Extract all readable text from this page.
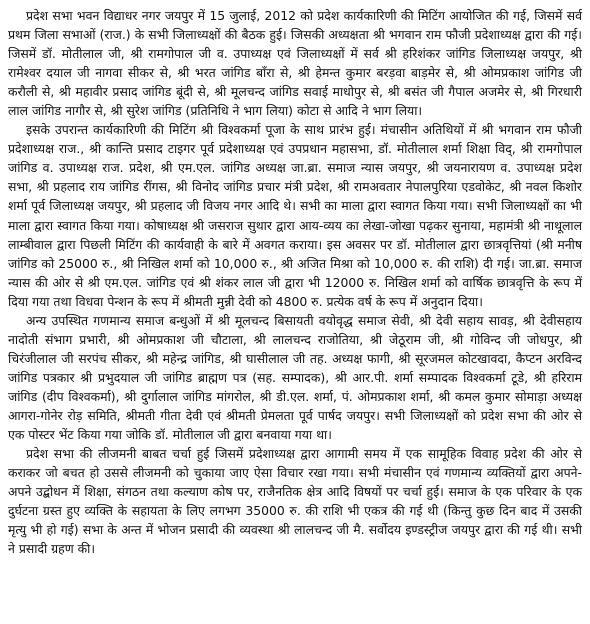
प्रदेश सभा भवन विद्याधर नगर जयपुर में 15 जुलाई, 2012 को प्रदेश कार्यकारिणी की मिटिंग आयोजित की गई, जिसमें सर्व प्रथम जिला सभाओं (राज.) के सभी जिलाध्यक्षों की बैठक हुई। जिसकी अध्यक्षता श्री भगवान राम फौजी प्रदेशाध्यक्ष द्वारा की गई। जिसमें डॉ. मोतीलाल जी, श्री रामगोपाल जी व. उपाध्यक्ष एवं जिलाध्यक्षों में सर्व श्री हरिशंकर जांगिड जिलाध्यक्ष जयपुर, श्री रामेश्वर दयाल जी नागवा सीकर से, श्री भरत जांगिड बाँरा से, श्री हेमन्त कुमार बरड़वा बाड़मेर से, श्री ओमप्रकाश जांगिड जी करौली से, श्री महावीर प्रसाद जांगिड बूंदी से, श्री मूलचन्द जांगिड सवाई माधोपुर से, श्री बसंत जी गैपाल अजमेर से, श्री गिरधारी लाल जांगिड नागौर से, श्री सुरेश जांगिड (प्रतिनिधि ने भाग लिया) कोटा से आदि ने भाग लिया।

इसके उपरान्त कार्यकारिणी की मिटिंग श्री विश्वकर्मा पूजा के साथ प्रारंभ हुई। मंचासीन अतिथियों में श्री भगवान राम फौजी प्रदेशाध्यक्ष राज., श्री कान्ति प्रसाद टाइगर पूर्व प्रदेशाध्यक्ष एवं उपप्रधान महासभा, डॉ. मोतीलाल शर्मा शिक्षा विद्, श्री रामगोपाल जांगिड व. उपाध्यक्ष राज. प्रदेश, श्री एम.एल. जांगिड अध्यक्ष जा.ब्रा. समाज न्यास जयपुर, श्री जयनारायण व. उपाध्यक्ष प्रदेश सभा, श्री प्रहलाद राय जांगिड रींगस, श्री विनोद जांगिड प्रचार मंत्री प्रदेश, श्री रामअवतार नेपालपुरिया एडवोकेट, श्री नवल किशोर शर्मा पूर्व जिलाध्यक्ष जयपुर, श्री प्रहलाद जी विजय नगर आदि थे। सभी का माला द्वारा स्वागत किया गया। सभी जिलाध्यक्षों का भी माला द्वारा स्वागत किया गया। कोषाध्यक्ष श्री जसराज सुथार द्वारा आय-व्यय का लेखा-जोखा पढ़कर सुनाया, महामंत्री श्री नाथूलाल लाम्बीवाल द्वारा पिछली मिटिंग की कार्यवाही के बारे में अवगत कराया। इस अवसर पर डॉ. मोतीलाल द्वारा छात्रवृत्तियां (श्री मनीष जांगिड को 25000 रु., श्री निखिल शर्मा को 10,000 रु., श्री अजित मिश्रा को 10,000 रु. की राशि) दी गई। जा.ब्रा. समाज न्यास की ओर से श्री एम.एल. जांगिड एवं श्री शंकर लाल जी द्वारा भी 12000 रु. निखिल शर्मा को वार्षिक छात्रवृत्ति के रूप में दिया गया तथा विधवा पेन्शन के रूप में श्रीमती मुन्नी देवी को 4800 रु. प्रत्येक वर्ष के रूप में अनुदान दिया।

अन्य उपस्थित गणमान्य समाज बन्धुओं में श्री मूलचन्द बिसायती वयोवृद्ध समाज सेवी, श्री देवी सहाय सावड़, श्री देवीसहाय नादोती संभाग प्रभारी, श्री ओमप्रकाश जी चौटाला, श्री लालचन्द राजोतिया, श्री जेठूराम जी, श्री गोविन्द जी जोधपुर, श्री चिरंजीलाल जी सरपंच सीकर, श्री महेन्द्र जांगिड, श्री घासीलाल जी तह. अध्यक्ष फागी, श्री सूरजमल कोटखावदा, कैप्टन अरविन्द जांगिड पत्रकार श्री प्रभुदयाल जी जांगिड ब्राह्मण पत्र (सह. सम्पादक), श्री आर.पी. शर्मा सम्पादक विश्वकर्मा टूडे, श्री हरिराम जांगिड (दीप विश्वकर्मा), श्री दुर्गालाल जांगिड मांगरोल, श्री डी.एल. शर्मा, पं. ओमप्रकाश शर्मा, श्री कमल कुमार सोमाड़ा अध्यक्ष आगरा-गोनेर रोड़ समिति, श्रीमती गीता देवी एवं श्रीमती प्रेमलता पूर्व पार्षद जयपुर। सभी जिलाध्यक्षों को प्रदेश सभा की ओर से एक पोस्टर भेंट किया गया जोकि डॉ. मोतीलाल जी द्वारा बनवाया गया था।

प्रदेश सभा की लीजमनी बाबत चर्चा हुई जिसमें प्रदेशाध्यक्ष द्वारा आगामी समय में एक सामूहिक विवाह प्रदेश की ओर से कराकर जो बचत हो उससे लीजमनी को चुकाया जाए ऐसा विचार रखा गया। सभी मंचासीन एवं गणमान्य व्यक्तियों द्वारा अपने-अपने उद्बोधन में शिक्षा, संगठन तथा कल्याण कोष पर, राजैनतिक क्षेत्र आदि विषयों पर चर्चा हुई। समाज के एक परिवार के एक दुर्घटना ग्रस्त हुए व्यक्ति के सहायता के लिए लगभग 35000 रु. की राशि भी एकत्र की गई थी (किन्तु कुछ दिन बाद में उसकी मृत्यु भी हो गई) सभा के अन्त में भोजन प्रसादी की व्यवस्था श्री लालचन्द जी मै. सर्वोदय इण्डस्ट्रीज जयपुर द्वारा की गई थी। सभी ने प्रसादी ग्रहण की।
